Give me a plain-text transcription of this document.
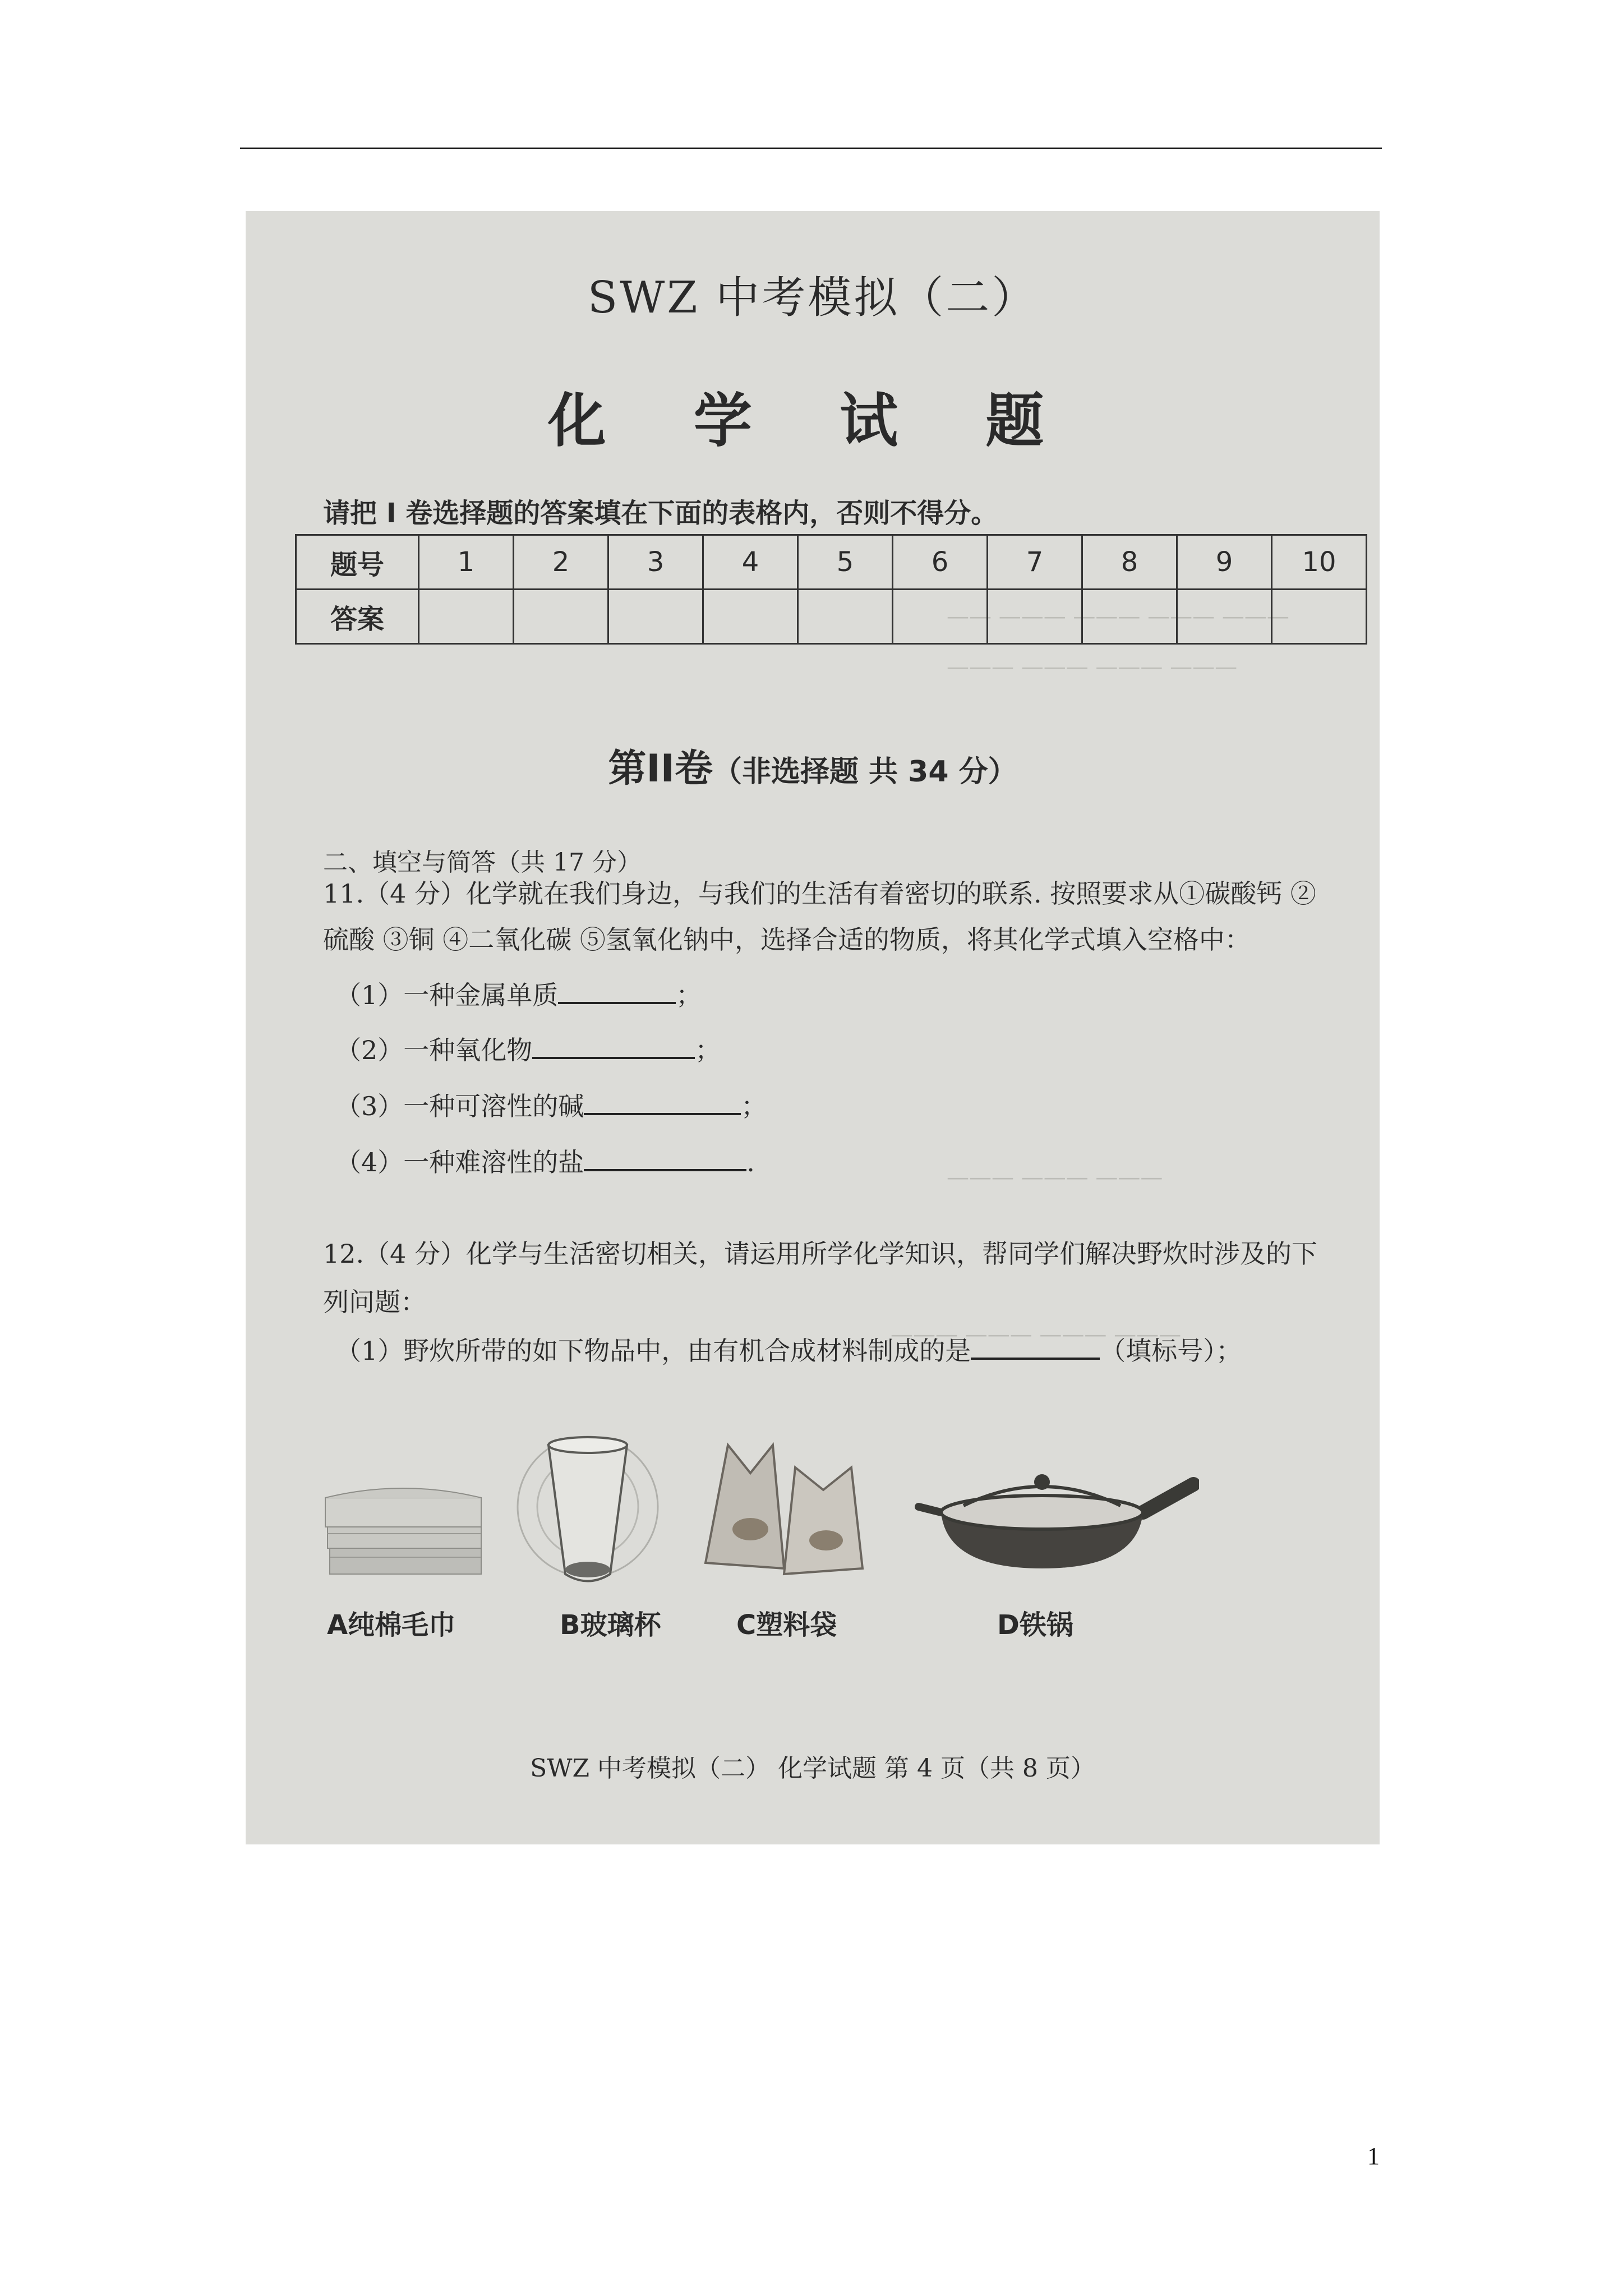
—— ——— ——— ——— ———
——— ——— ——— ———
——— ——— ———
——— ——— ——— ———
SWZ 中考模拟（二）
化 学 试 题
请把 I 卷选择题的答案填在下面的表格内，否则不得分。
题号	1	2	3	4	5	6	7	8	9	10
答案										
第II卷（非选择题 共 34 分）
二、填空与简答（共 17 分）
11.（4 分）化学就在我们身边，与我们的生活有着密切的联系. 按照要求从①碳酸钙 ②
硫酸 ③铜 ④二氧化碳 ⑤氢氧化钠中，选择合适的物质，将其化学式填入空格中：
（1）一种金属单质	；
（2）一种氧化物	；
（3）一种可溶性的碱	；
（4）一种难溶性的盐	.
12.（4 分）化学与生活密切相关，请运用所学化学知识，帮同学们解决野炊时涉及的下
列问题：
（1）野炊所带的如下物品中，由有机合成材料制成的是	（填标号）；
A纯棉毛巾	B玻璃杯	C塑料袋	D铁锅
SWZ 中考模拟（二） 化学试题 第 4 页（共 8 页）
1
